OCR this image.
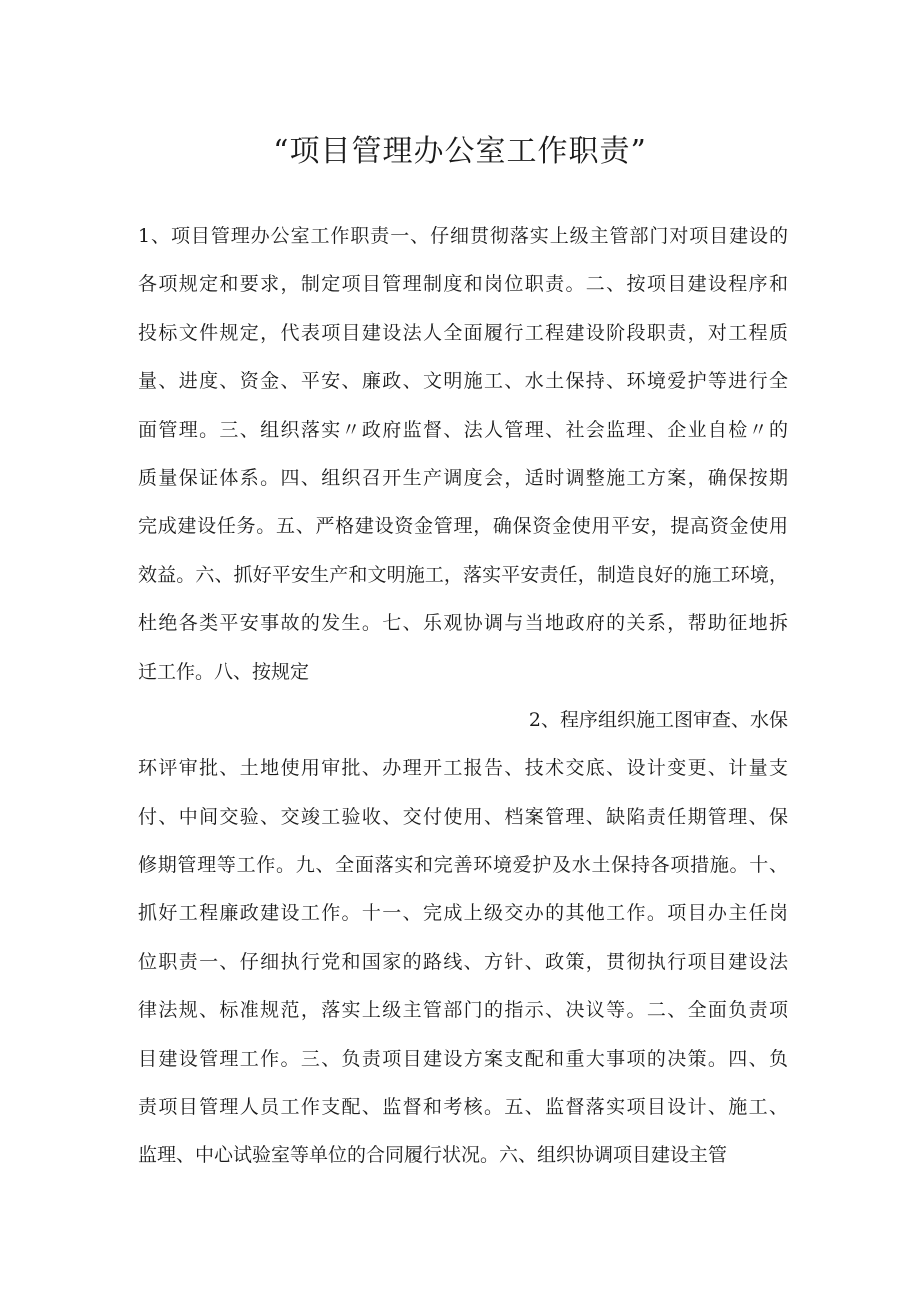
“项目管理办公室工作职责”
1、项目管理办公室工作职责一、仔细贯彻落实上级主管部门对项目建设的
各项规定和要求，制定项目管理制度和岗位职责。二、按项目建设程序和
投标文件规定，代表项目建设法人全面履行工程建设阶段职责，对工程质
量、进度、资金、平安、廉政、文明施工、水土保持、环境爱护等进行全
面管理。三、组织落实〃政府监督、法人管理、社会监理、企业自检〃的
质量保证体系。四、组织召开生产调度会，适时调整施工方案，确保按期
完成建设任务。五、严格建设资金管理，确保资金使用平安，提高资金使用
效益。六、抓好平安生产和文明施工，落实平安责任，制造良好的施工环境，
杜绝各类平安事故的发生。七、乐观协调与当地政府的关系，帮助征地拆
迁工作。八、按规定
2、程序组织施工图审查、水保
环评审批、土地使用审批、办理开工报告、技术交底、设计变更、计量支
付、中间交验、交竣工验收、交付使用、档案管理、缺陷责任期管理、保
修期管理等工作。九、全面落实和完善环境爱护及水土保持各项措施。十、
抓好工程廉政建设工作。十一、完成上级交办的其他工作。项目办主任岗
位职责一、仔细执行党和国家的路线、方针、政策，贯彻执行项目建设法
律法规、标准规范，落实上级主管部门的指示、决议等。二、全面负责项
目建设管理工作。三、负责项目建设方案支配和重大事项的决策。四、负
责项目管理人员工作支配、监督和考核。五、监督落实项目设计、施工、
监理、中心试验室等单位的合同履行状况。六、组织协调项目建设主管
